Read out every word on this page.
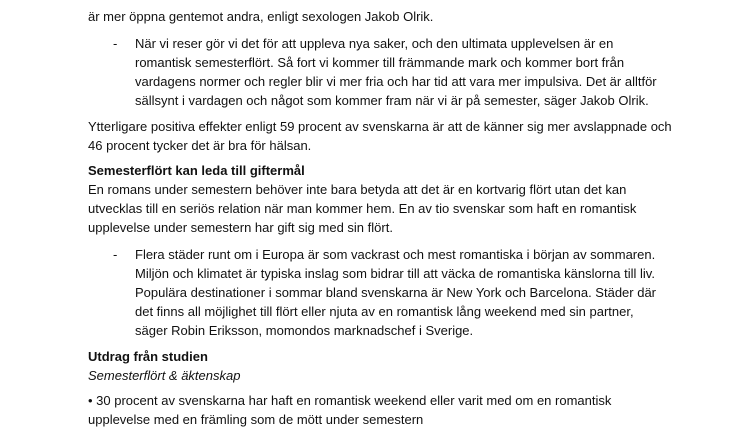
är mer öppna gentemot andra, enligt sexologen Jakob Olrik.
- När vi reser gör vi det för att uppleva nya saker, och den ultimata upplevelsen är en
romantisk semesterflört. Så fort vi kommer till främmande mark och kommer bort från
vardagens normer och regler blir vi mer fria och har tid att vara mer impulsiva. Det är alltför
sällsynt i vardagen och något som kommer fram när vi är på semester, säger Jakob Olrik.
Ytterligare positiva effekter enligt 59 procent av svenskarna är att de känner sig mer avslappnade och
46 procent tycker det är bra för hälsan.
Semesterflört kan leda till giftermål
En romans under semestern behöver inte bara betyda att det är en kortvarig flört utan det kan
utvecklas till en seriös relation när man kommer hem. En av tio svenskar som haft en romantisk
upplevelse under semestern har gift sig med sin flört.
- Flera städer runt om i Europa är som vackrast och mest romantiska i början av sommaren.
Miljön och klimatet är typiska inslag som bidrar till att väcka de romantiska känslorna till liv.
Populära destinationer i sommar bland svenskarna är New York och Barcelona. Städer där
det finns all möjlighet till flört eller njuta av en romantisk lång weekend med sin partner,
säger Robin Eriksson, momondos marknadschef i Sverige.
Utdrag från studien
Semesterflört & äktenskap
• 30 procent av svenskarna har haft en romantisk weekend eller varit med om en romantisk
upplevelse med en främling som de mött under semestern
